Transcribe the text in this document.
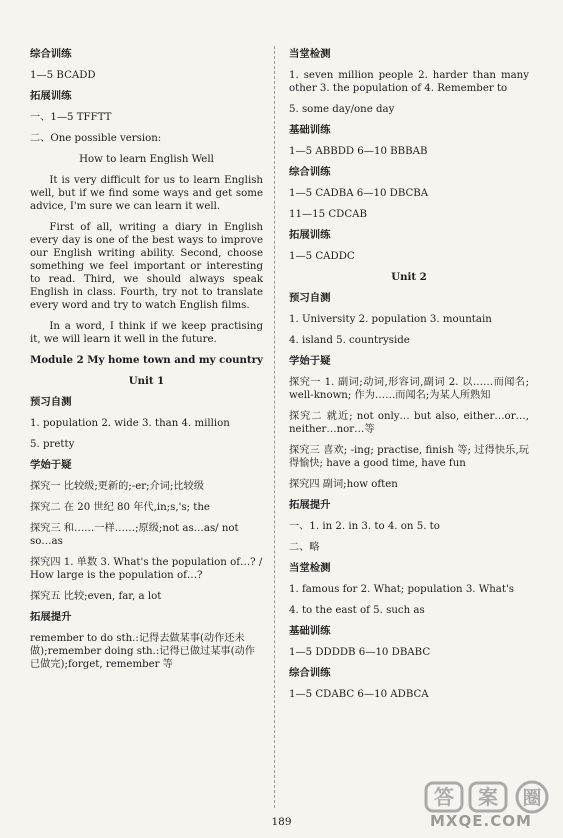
综合训练

1—5 BCADD

拓展训练

一、1—5 TFFTT

二、One possible version:

How to learn English Well

It is very difficult for us to learn English well, but if we find some ways and get some advice, I'm sure we can learn it well.

First of all, writing a diary in English every day is one of the best ways to improve our English writing ability. Second, choose something we feel important or interesting to read. Third, we should always speak English in class. Fourth, try not to translate every word and try to watch English films.

In a word, I think if we keep practising it, we will learn it well in the future.

Module 2 My home town and my country

Unit 1

预习自测

1. population 2. wide 3. than 4. million

5. pretty

学始于疑

探究一 比较级;更新的;-er;介词;比较级

探究二 在 20 世纪 80 年代,in;s,'s; the

探究三 和……一样……;原级;not as…as/ not so…as

探究四 1. 单数 3. What's the population of…? / How large is the population of…?

探究五 比较;even, far, a lot

拓展提升

remember to do sth.:记得去做某事(动作还未做);remember doing sth.:记得已做过某事(动作已做完);forget, remember 等

当堂检测

1. seven million people 2. harder than many other 3. the population of 4. Remember to

5. some day/one day

基础训练

1—5 ABBDD 6—10 BBBAB

综合训练

1—5 CADBA 6—10 DBCBA

11—15 CDCAB

拓展训练

1—5 CADDC

Unit 2

预习自测

1. University 2. population 3. mountain

4. island 5. countryside

学始于疑

探究一 1. 副词;动词,形容词,副词 2. 以……而闻名; well-known; 作为……而闻名;为某人所熟知

探究二 就近; not only… but also, either…or…, neither…nor…等

探究三 喜欢; -ing; practise, finish 等; 过得快乐,玩得愉快; have a good time, have fun

探究四 副词;how often

拓展提升

一、1. in 2. in 3. to 4. on 5. to

二、略

当堂检测

1. famous for 2. What; population 3. What's

4. to the east of 5. such as

基础训练

1—5 DDDDB 6—10 DBABC

综合训练

1—5 CDABC 6—10 ADBCA

189
答 案 圈
MXQE.COM
